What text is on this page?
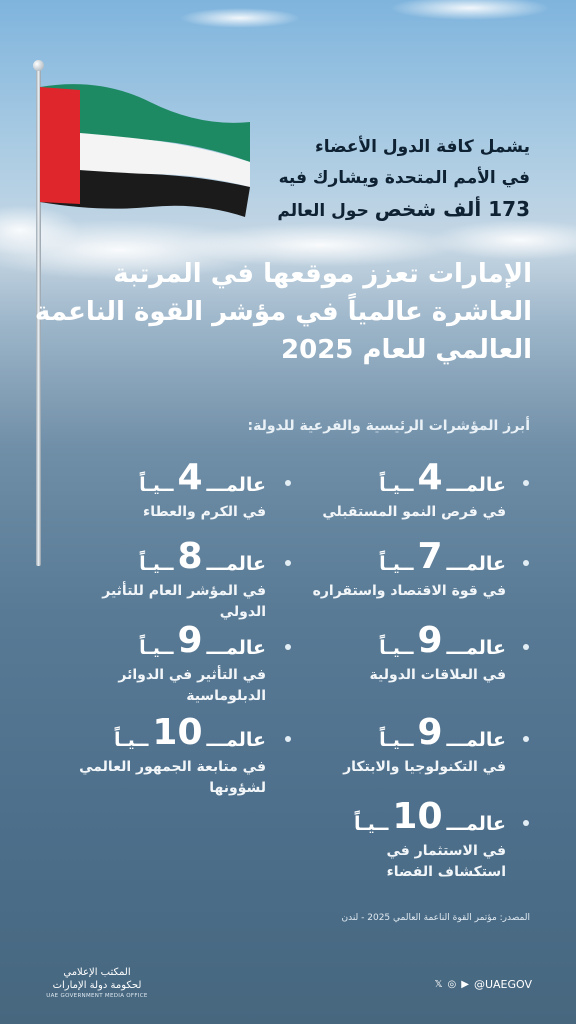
يشمل كافة الدول الأعضاء
في الأمم المتحدة ويشارك فيه
173 ألف شخص حول العالم
الإمارات تعزز موقعها في المرتبة
العاشرة عالمياً في مؤشر القوة الناعمة
العالمي للعام 2025
أبرز المؤشرات الرئيسية والفرعية للدولة:
عالمـــ
4
ــيـاً
في فرص النمو المستقبلي
عالمـــ
7
ــيـاً
في قوة الاقتصاد واستقراره
عالمـــ
9
ــيـاً
في العلاقات الدولية
عالمـــ
9
ــيـاً
في التكنولوجيا والابتكار
عالمـــ
10
ــيـاً
في الاستثمار في استكشاف الفضاء
عالمـــ
4
ــيـاً
في الكرم والعطاء
عالمـــ
8
ــيـاً
في المؤشر العام للتأثير الدولي
عالمـــ
9
ــيـاً
في التأثير في الدوائر الدبلوماسية
عالمـــ
10
ــيـاً
في متابعة الجمهور العالمي لشؤونها
المصدر: مؤتمر القوة الناعمة العالمي 2025 - لندن
المكتب الإعلامي
لحكومة دولة الإمارات
UAE GOVERNMENT MEDIA OFFICE
𝕏 ◎ ▶ @UAEGOV
